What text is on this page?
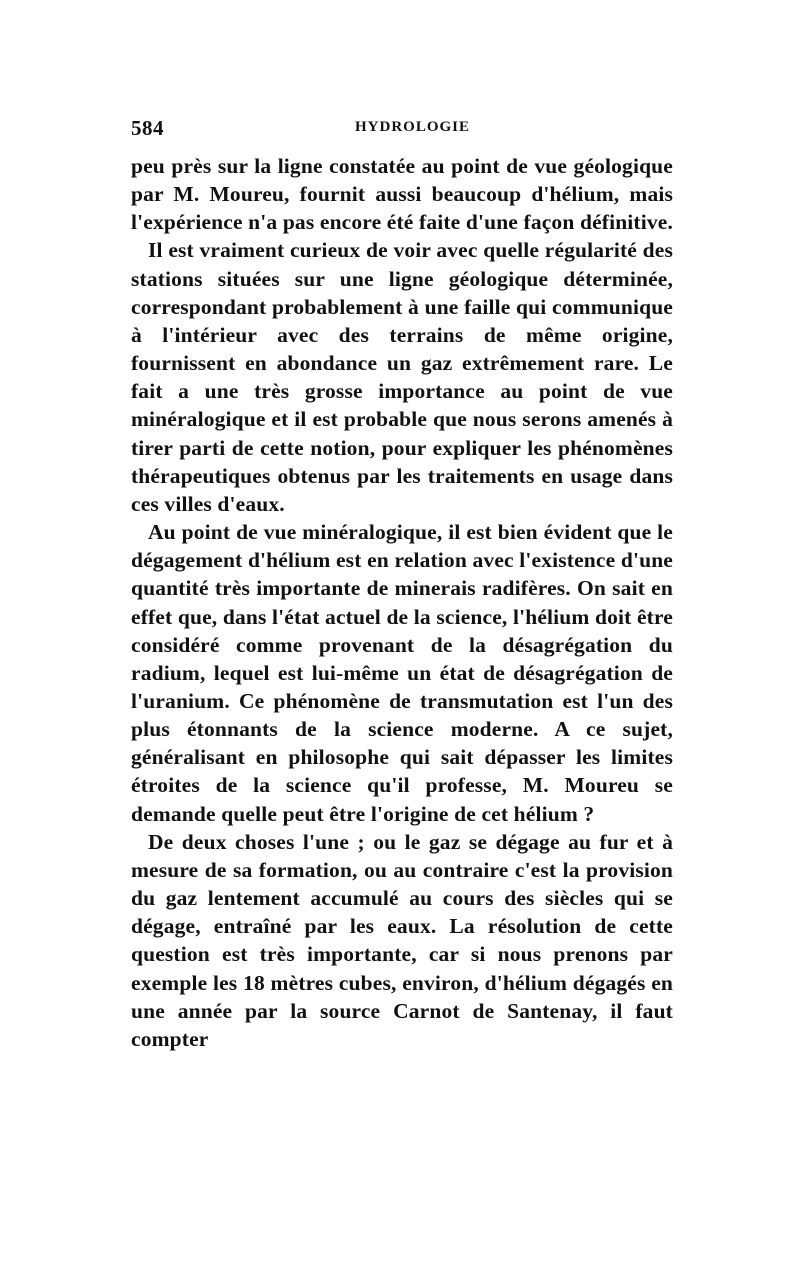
584	HYDROLOGIE

peu près sur la ligne constatée au point de vue géologique par M. Moureu, fournit aussi beaucoup d'hélium, mais l'expérience n'a pas encore été faite d'une façon définitive.

Il est vraiment curieux de voir avec quelle régularité des stations situées sur une ligne géologique déterminée, correspondant probablement à une faille qui communique à l'intérieur avec des terrains de même origine, fournissent en abondance un gaz extrêmement rare. Le fait a une très grosse importance au point de vue minéralogique et il est probable que nous serons amenés à tirer parti de cette notion, pour expliquer les phénomènes thérapeutiques obtenus par les traitements en usage dans ces villes d'eaux.

Au point de vue minéralogique, il est bien évident que le dégagement d'hélium est en relation avec l'existence d'une quantité très importante de minerais radifères. On sait en effet que, dans l'état actuel de la science, l'hélium doit être considéré comme provenant de la désagrégation du radium, lequel est lui-même un état de désagrégation de l'uranium. Ce phénomène de transmutation est l'un des plus étonnants de la science moderne. A ce sujet, généralisant en philosophe qui sait dépasser les limites étroites de la science qu'il professe, M. Moureu se demande quelle peut être l'origine de cet hélium ?

De deux choses l'une ; ou le gaz se dégage au fur et à mesure de sa formation, ou au contraire c'est la provision du gaz lentement accumulé au cours des siècles qui se dégage, entraîné par les eaux. La résolution de cette question est très importante, car si nous prenons par exemple les 18 mètres cubes, environ, d'hélium dégagés en une année par la source Carnot de Santenay, il faut compter
